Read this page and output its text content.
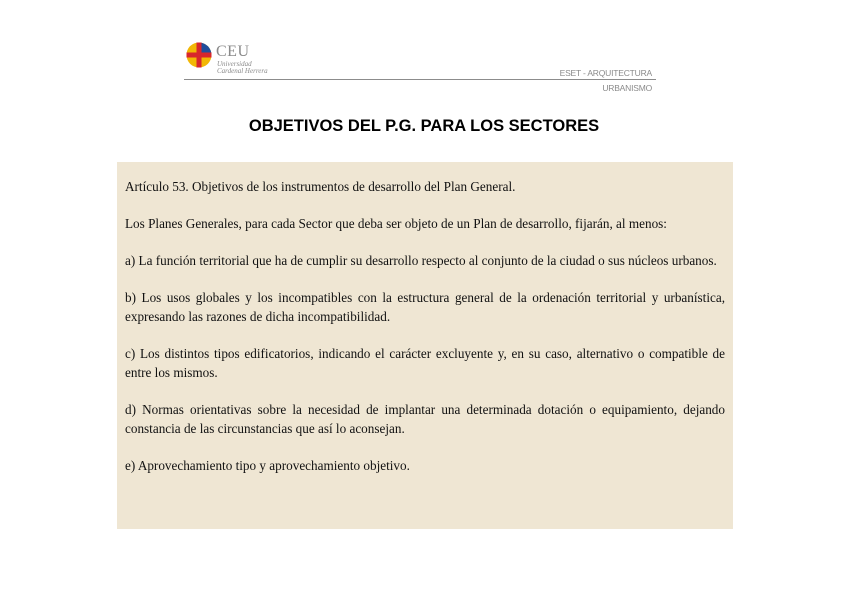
CEU
Universidad
Cardenal Herrera	ESET - ARQUITECTURA
URBANISMO
OBJETIVOS DEL P.G. PARA LOS SECTORES

Artículo 53. Objetivos de los instrumentos de desarrollo del Plan General.

Los Planes Generales, para cada Sector que deba ser objeto de un Plan de desarrollo, fijarán, al menos:

a) La función territorial que ha de cumplir su desarrollo respecto al conjunto de la ciudad o sus núcleos urbanos.

b) Los usos globales y los incompatibles con la estructura general de la ordenación territorial y urbanística, expresando las razones de dicha incompatibilidad.

c) Los distintos tipos edificatorios, indicando el carácter excluyente y, en su caso, alternativo o compatible de entre los mismos.

d) Normas orientativas sobre la necesidad de implantar una determinada dotación o equipamiento, dejando constancia de las circunstancias que así lo aconsejan.

e) Aprovechamiento tipo y aprovechamiento objetivo.
